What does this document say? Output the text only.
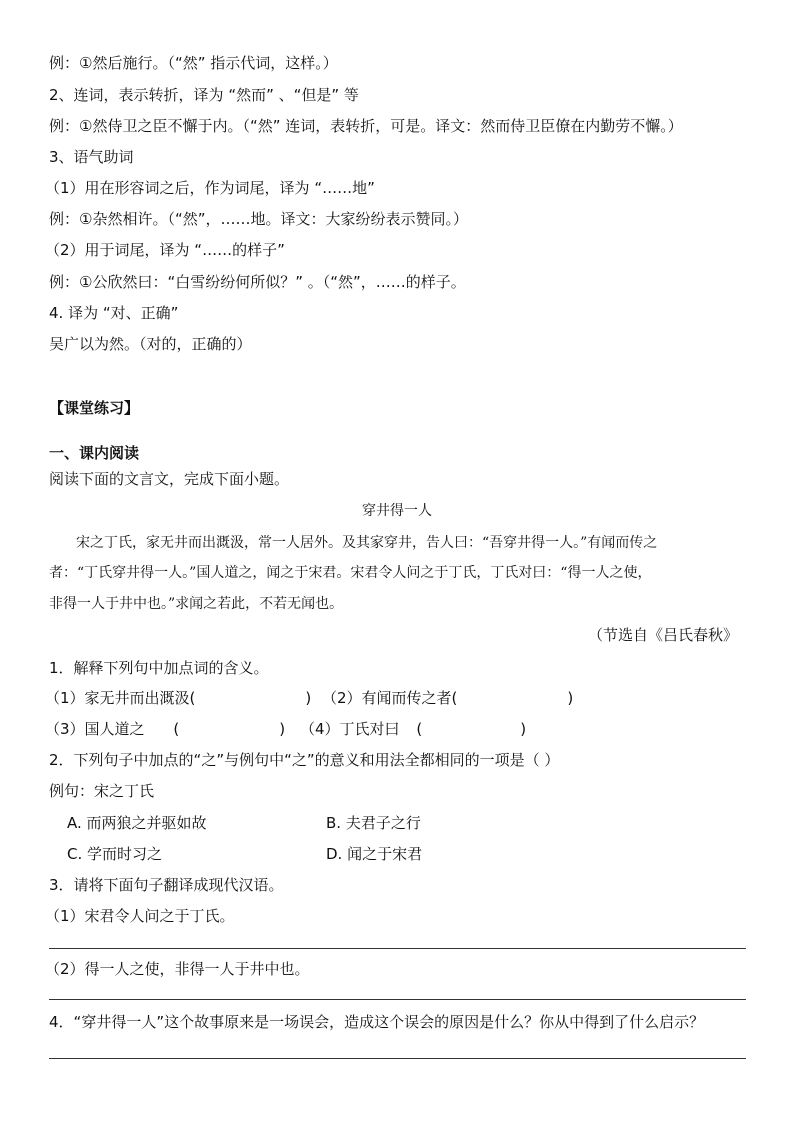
例：①然后施行。（“然” 指示代词，这样。）
2、连词，表示转折，译为 “然而” 、“但是” 等
例：①然侍卫之臣不懈于内。（“然” 连词，表转折，可是。译文：然而侍卫臣僚在内勤劳不懈。）
3、语气助词
（1）用在形容词之后，作为词尾，译为 “……地”
例：①杂然相许。（“然”，……地。译文：大家纷纷表示赞同。）
（2）用于词尾，译为 “……的样子”
例：①公欣然曰：“白雪纷纷何所似？” 。（“然”，……的样子。
4. 译为 “对、正确”
吴广以为然。（对的，正确的）
【课堂练习】
一、课内阅读
阅读下面的文言文，完成下面小题。
穿井得一人
宋之丁氏，家无井而出溉汲，常一人居外。及其家穿井，告人曰：“吾穿井得一人。”有闻而传之
者：“丁氏穿井得一人。”国人道之，闻之于宋君。宋君令人问之于丁氏，丁氏对曰：“得一人之使，
非得一人于井中也。”求闻之若此，不若无闻也。
（节选自《吕氏春秋》
1．解释下列句中加点词的含义。
（1）家无井而出溉汲(	) （2）有闻而传之者(	)
（3）国人道之 (	) （4）丁氏对曰 (	)
2．下列句子中加点的“之”与例句中“之”的意义和用法全都相同的一项是（ ）
例句：宋之丁氏
A. 而两狼之并驱如故	B. 夫君子之行
C. 学而时习之	D. 闻之于宋君
3．请将下面句子翻译成现代汉语。
（1）宋君令人问之于丁氏。
（2）得一人之使，非得一人于井中也。
4．“穿井得一人”这个故事原来是一场误会，造成这个误会的原因是什么？你从中得到了什么启示？
